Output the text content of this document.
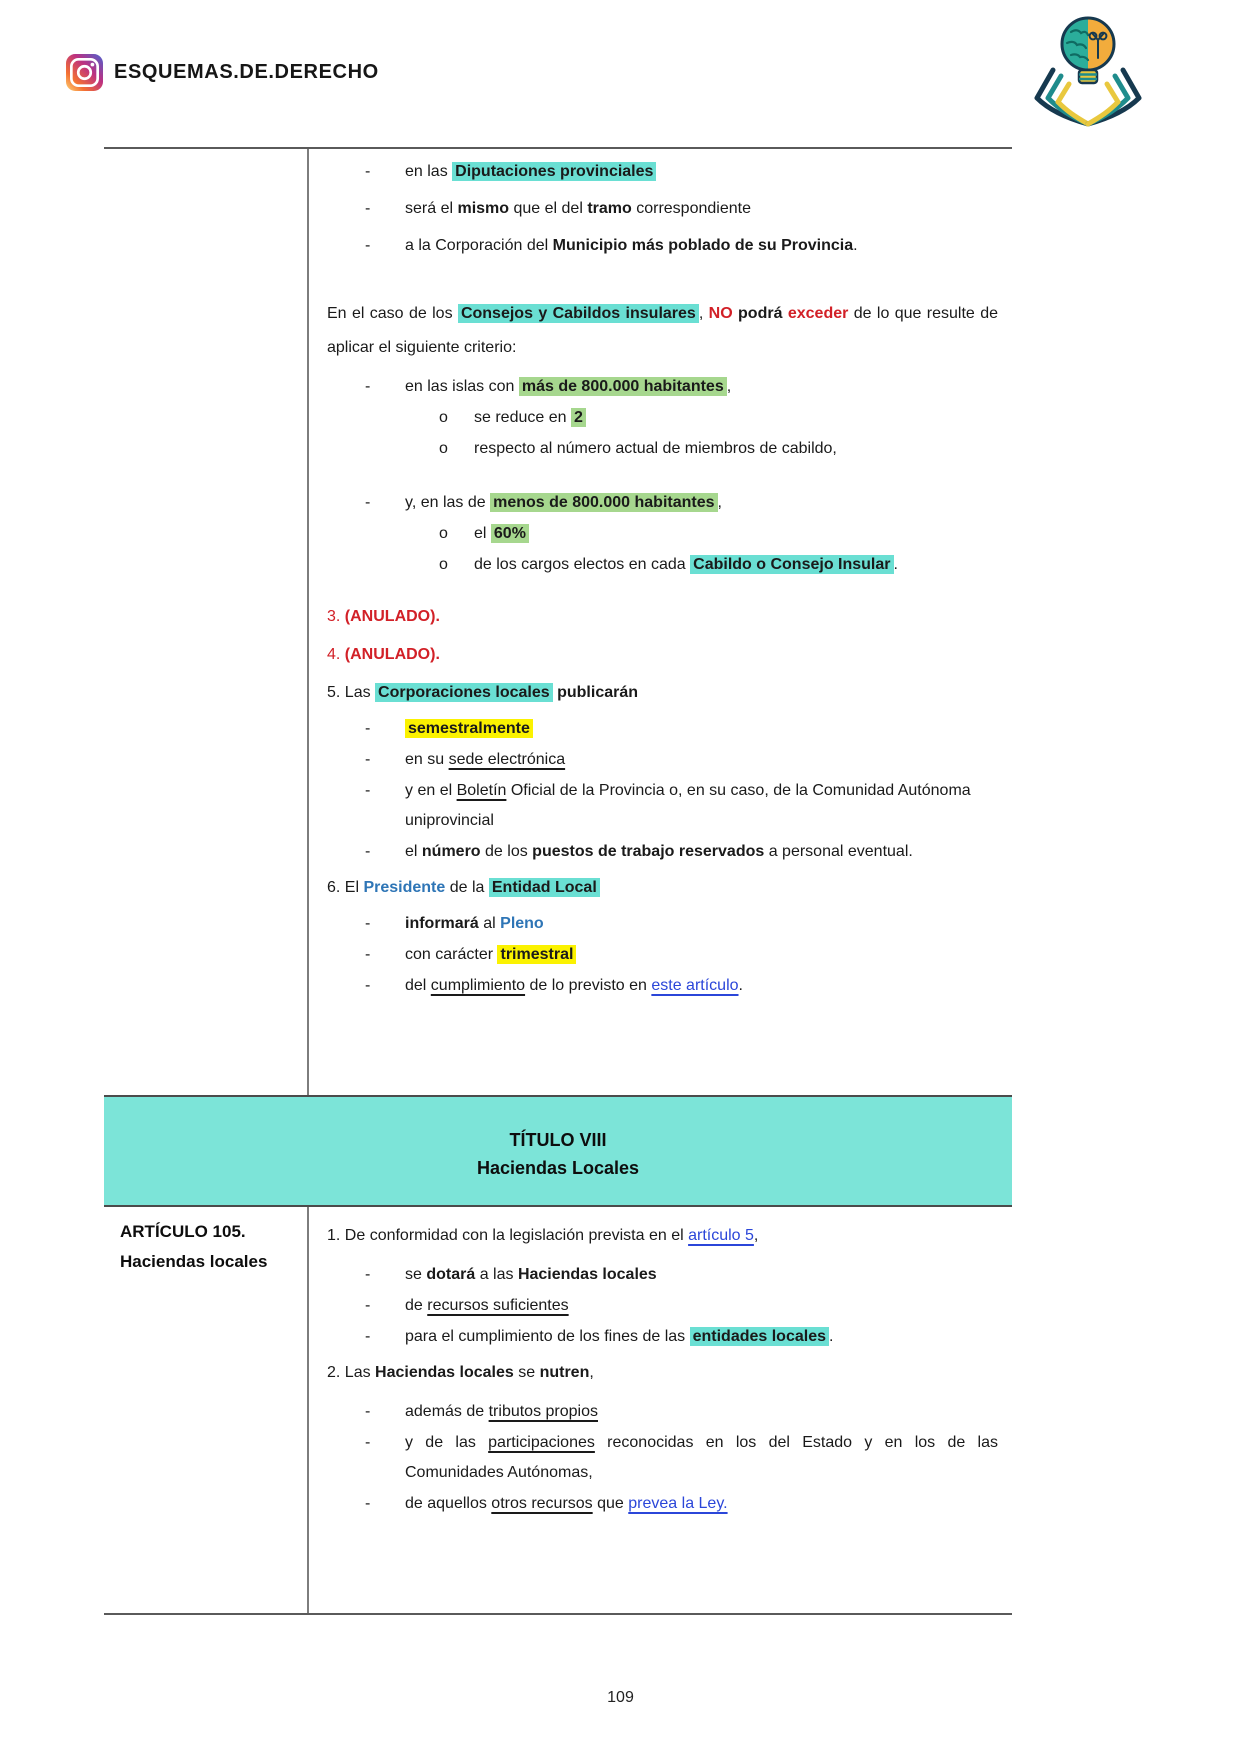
ESQUEMAS.DE.DERECHO
-	en las Diputaciones provinciales
-	será el mismo que el del tramo correspondiente
-	a la Corporación del Municipio más poblado de su Provincia.
En el caso de los Consejos y Cabildos insulares , NO podrá exceder de lo que resulte de aplicar el siguiente criterio:
-	en las islas con más de 800.000 habitantes ,
o	se reduce en 2
o	respecto al número actual de miembros de cabildo,
-	y, en las de menos de 800.000 habitantes ,
o	el 60%
o	de los cargos electos en cada Cabildo o Consejo Insular .
3. (ANULADO).
4. (ANULADO).
5. Las Corporaciones locales publicarán
-	semestralmente
-	en su sede electrónica
-	y en el Boletín Oficial de la Provincia o, en su caso, de la Comunidad Autónoma uniprovincial
-	el número de los puestos de trabajo reservados a personal eventual.
6. El Presidente de la Entidad Local
-	informará al Pleno
-	con carácter trimestral
-	del cumplimiento de lo previsto en este artículo.
TÍTULO VIII
Haciendas Locales
ARTÍCULO 105.
Haciendas locales
1. De conformidad con la legislación prevista en el artículo 5,
-	se dotará a las Haciendas locales
-	de recursos suficientes
-	para el cumplimiento de los fines de las entidades locales .
2. Las Haciendas locales se nutren,
-	además de tributos propios
-	y de las participaciones reconocidas en los del Estado y en los de las Comunidades Autónomas,
-	de aquellos otros recursos que prevea la Ley.
109
